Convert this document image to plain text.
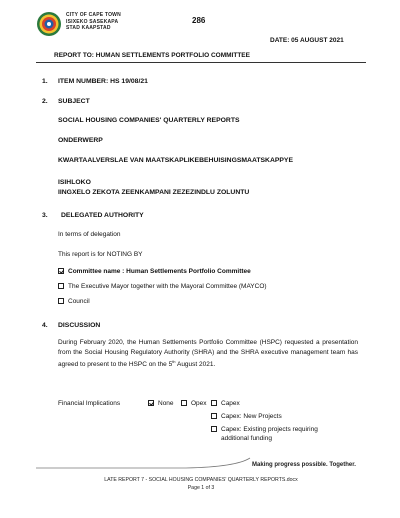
CITY OF CAPE TOWN
ISIXEKO SASEKAPA
STAD KAAPSTAD
286
DATE: 05 AUGUST 2021
REPORT TO: HUMAN SETTLEMENTS PORTFOLIO COMMITTEE
1. ITEM NUMBER: HS 19/08/21
2. SUBJECT
SOCIAL HOUSING COMPANIES' QUARTERLY REPORTS
ONDERWERP
KWARTAALVERSLAE VAN MAATSKAPLIKEBEHUISINGSMAATSKAPPYE
ISIHLOKO
IINGXELO ZEKOTA ZEENKAMPANI ZEZEZINDLU ZOLUNTU
3. DELEGATED AUTHORITY
In terms of delegation
This report is for NOTING BY
Committee name : Human Settlements Portfolio Committee
The Executive Mayor together with the Mayoral Committee (MAYCO)
Council
4. DISCUSSION
During February 2020, the Human Settlements Portfolio Committee (HSPC) requested a presentation from the Social Housing Regulatory Authority (SHRA) and the SHRA executive management team has agreed to present to the HSPC on the 5th August 2021.
Financial Implications	None	Opex	Capex
Capex: New Projects
Capex: Existing projects requiring
additional funding
Making progress possible. Together.
LATE REPORT 7 - SOCIAL HOUSING COMPANIES' QUARTERLY REPORTS.docx
Page 1 of 3
